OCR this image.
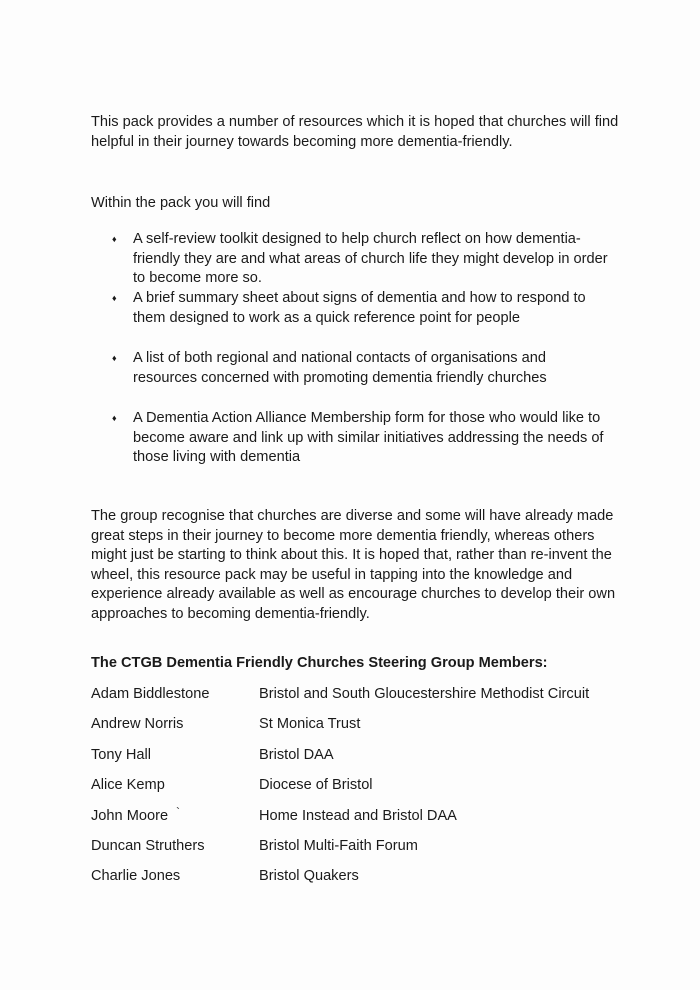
This pack provides a number of resources which it is hoped that churches will find helpful in their journey towards becoming more dementia-friendly.

Within the pack you will find

♦ A self-review toolkit designed to help church reflect on how dementia-friendly they are and what areas of church life they might develop in order to become more so.
♦ A brief summary sheet about signs of dementia and how to respond to them designed to work as a quick reference point for people
♦ A list of both regional and national contacts of organisations and resources concerned with promoting dementia friendly churches
♦ A Dementia Action Alliance Membership form for those who would like to become aware and link up with similar initiatives addressing the needs of those living with dementia

The group recognise that churches are diverse and some will have already made great steps in their journey to become more dementia friendly, whereas others might just be starting to think about this. It is hoped that, rather than re-invent the wheel, this resource pack may be useful in tapping into the knowledge and experience already available as well as encourage churches to develop their own approaches to becoming dementia-friendly.

The CTGB Dementia Friendly Churches Steering Group Members:

Adam Biddlestone	Bristol and South Gloucestershire Methodist Circuit
Andrew Norris	St Monica Trust
Tony Hall	Bristol DAA
Alice Kemp	Diocese of Bristol
John Moore `	Home Instead and Bristol DAA
Duncan Struthers	Bristol Multi-Faith Forum
Charlie Jones	Bristol Quakers
